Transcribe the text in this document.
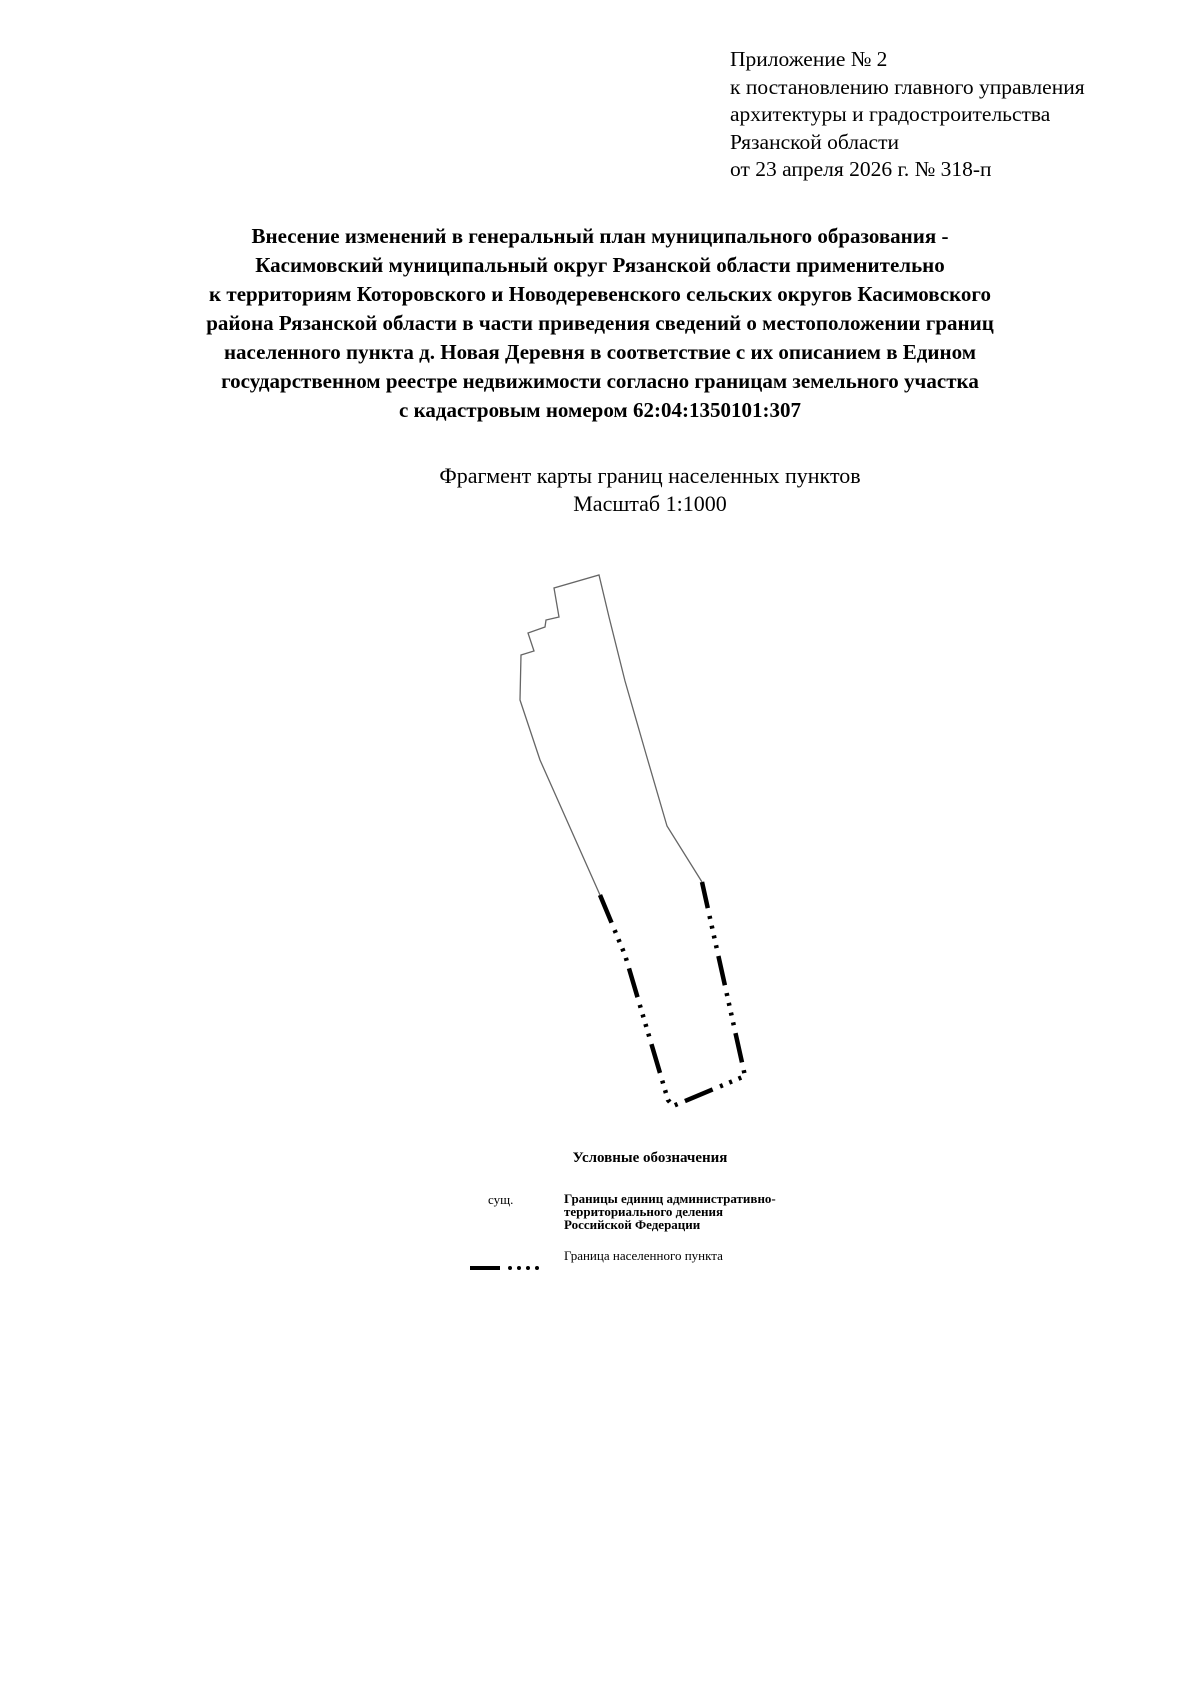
Приложение № 2
к постановлению главного управления
архитектуры и градостроительства
Рязанской области
от 23 апреля 2026 г. № 318-п
Внесение изменений в генеральный план муниципального образования -
Касимовский муниципальный округ Рязанской области применительно
к территориям Которовского и Новодеревенского сельских округов Касимовского
района Рязанской области в части приведения сведений о местоположении границ
населенного пункта д. Новая Деревня в соответствие с их описанием в Едином
государственном реестре недвижимости согласно границам земельного участка
с кадастровым номером 62:04:1350101:307
Фрагмент карты границ населенных пунктов
Масштаб 1:1000
Условные обозначения
сущ.	Границы единиц административно-
территориального деления
Российской Федерации
Граница населенного пункта
